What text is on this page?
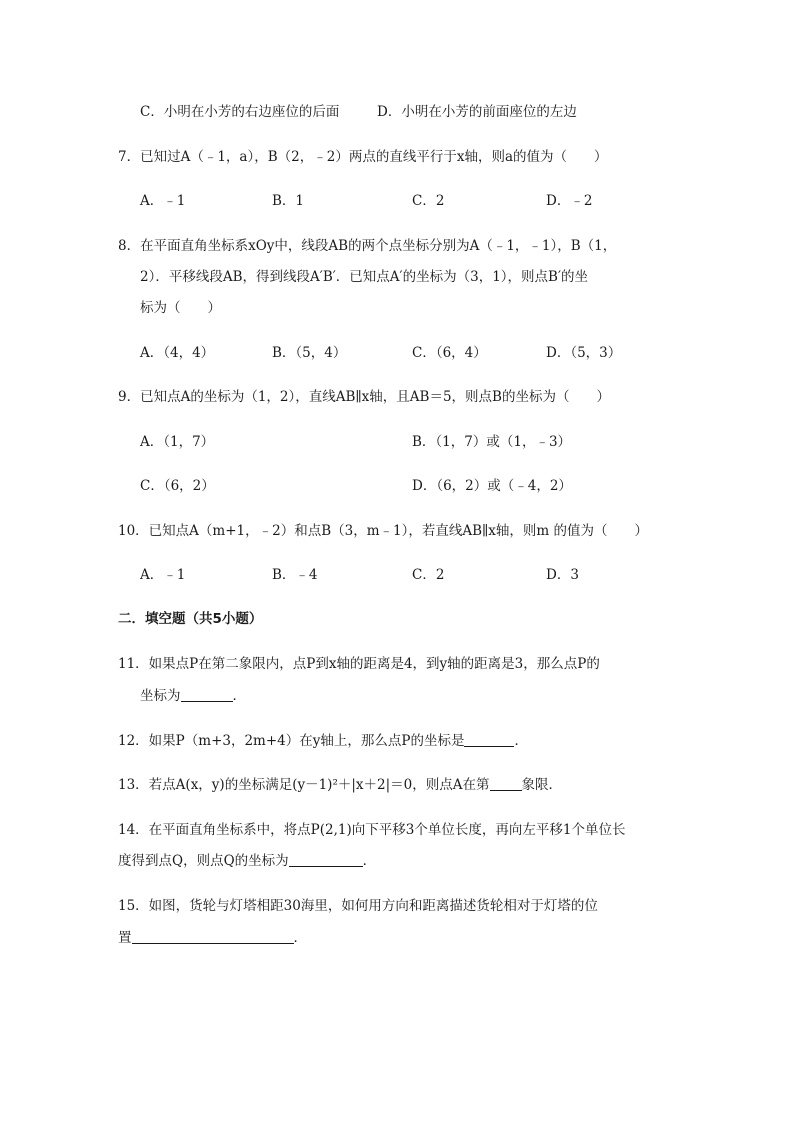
C．小明在小芳的右边座位的后面	D．小明在小芳的前面座位的左边
7．已知过A（﹣1，a），B（2，﹣2）两点的直线平行于x轴，则a的值为（　　）
A．﹣1	B．1	C．2	D．﹣2
8．在平面直角坐标系xOy中，线段AB的两个点坐标分别为A（﹣1，﹣1），B（1，
2）．平移线段AB，得到线段A′B′．已知点A′的坐标为（3，1），则点B′的坐
标为（　　）
A．（4，4）	B．（5，4）	C．（6，4）	D．（5，3）
9．已知点A的坐标为（1，2），直线AB∥x轴，且AB＝5，则点B的坐标为（　　）
A．（1，7）	B．（1，7）或（1，﹣3）
C．（6，2）	D．（6，2）或（﹣4，2）
10．已知点A（m+1，﹣2）和点B（3，m﹣1），若直线AB∥x轴，则m 的值为（　　）
A．﹣1	B．﹣4	C．2	D．3
二．填空题（共5小题）
11．如果点P在第二象限内，点P到x轴的距离是4，到y轴的距离是3，那么点P的
坐标为	．
12．如果P（m+3，2m+4）在y轴上，那么点P的坐标是	．
13．若点A(x，y)的坐标满足(y－1)²＋|x＋2|＝0，则点A在第 象限．
14．在平面直角坐标系中，将点P(2,1)向下平移3个单位长度，再向左平移1个单位长
度得到点Q，则点Q的坐标为	．
15．如图，货轮与灯塔相距30海里，如何用方向和距离描述货轮相对于灯塔的位
置	．
